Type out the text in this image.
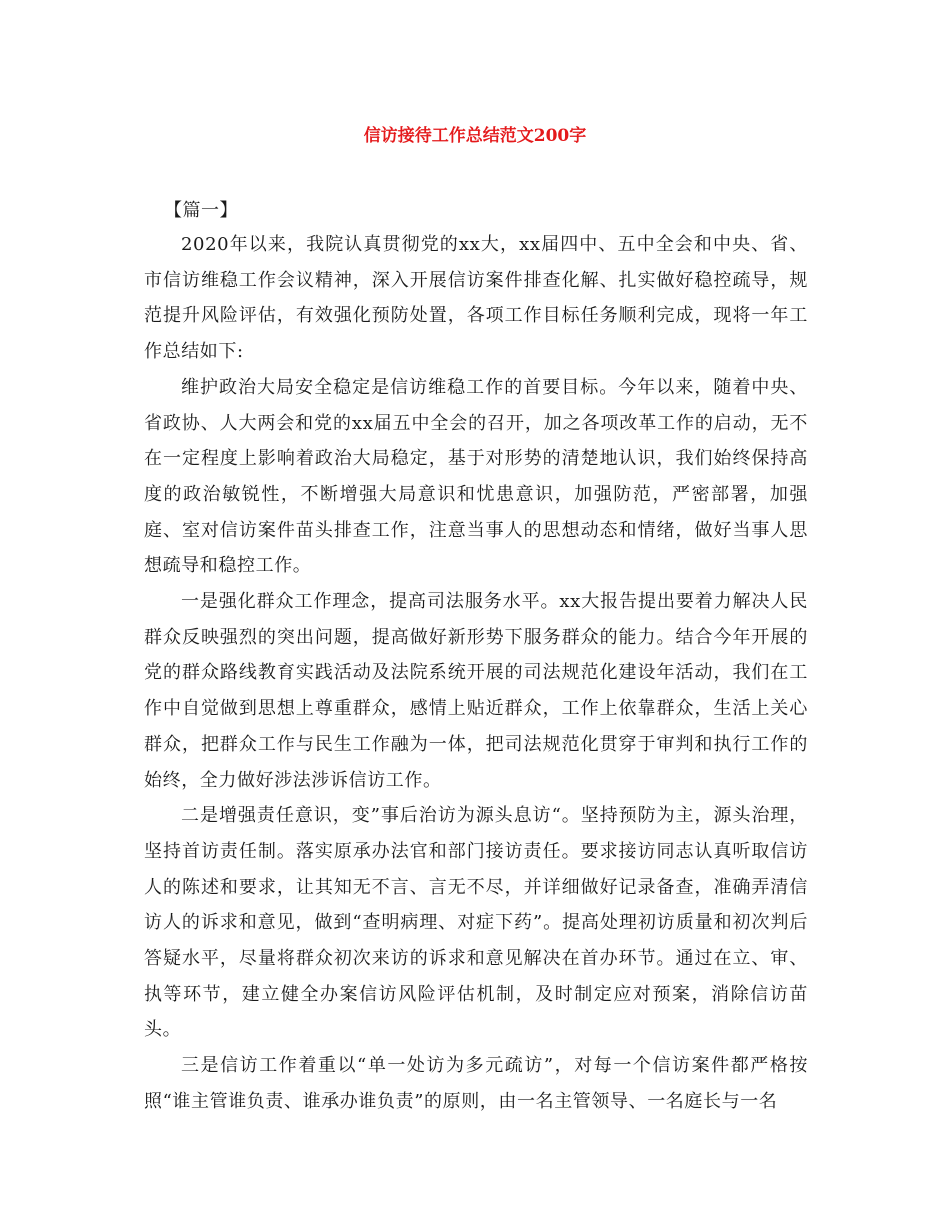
信访接待工作总结范文200字

【篇一】

2020年以来，我院认真贯彻党的xx大，xx届四中、五中全会和中央、省、市信访维稳工作会议精神，深入开展信访案件排查化解、扎实做好稳控疏导，规范提升风险评估，有效强化预防处置，各项工作目标任务顺利完成，现将一年工作总结如下:

维护政治大局安全稳定是信访维稳工作的首要目标。今年以来，随着中央、省政协、人大两会和党的xx届五中全会的召开，加之各项改革工作的启动，无不在一定程度上影响着政治大局稳定，基于对形势的清楚地认识，我们始终保持高度的政治敏锐性，不断增强大局意识和忧患意识，加强防范，严密部署，加强庭、室对信访案件苗头排查工作，注意当事人的思想动态和情绪，做好当事人思想疏导和稳控工作。

一是强化群众工作理念，提高司法服务水平。xx大报告提出要着力解决人民群众反映强烈的突出问题，提高做好新形势下服务群众的能力。结合今年开展的党的群众路线教育实践活动及法院系统开展的司法规范化建设年活动，我们在工作中自觉做到思想上尊重群众，感情上贴近群众，工作上依靠群众，生活上关心群众，把群众工作与民生工作融为一体，把司法规范化贯穿于审判和执行工作的始终，全力做好涉法涉诉信访工作。

二是增强责任意识，变”事后治访为源头息访“。坚持预防为主，源头治理，坚持首访责任制。落实原承办法官和部门接访责任。要求接访同志认真听取信访人的陈述和要求，让其知无不言、言无不尽，并详细做好记录备查，准确弄清信访人的诉求和意见，做到“查明病理、对症下药”。提高处理初访质量和初次判后答疑水平，尽量将群众初次来访的诉求和意见解决在首办环节。通过在立、审、执等环节，建立健全办案信访风险评估机制，及时制定应对预案，消除信访苗头。

三是信访工作着重以“单一处访为多元疏访”，对每一个信访案件都严格按照“谁主管谁负责、谁承办谁负责”的原则，由一名主管领导、一名庭长与一名
